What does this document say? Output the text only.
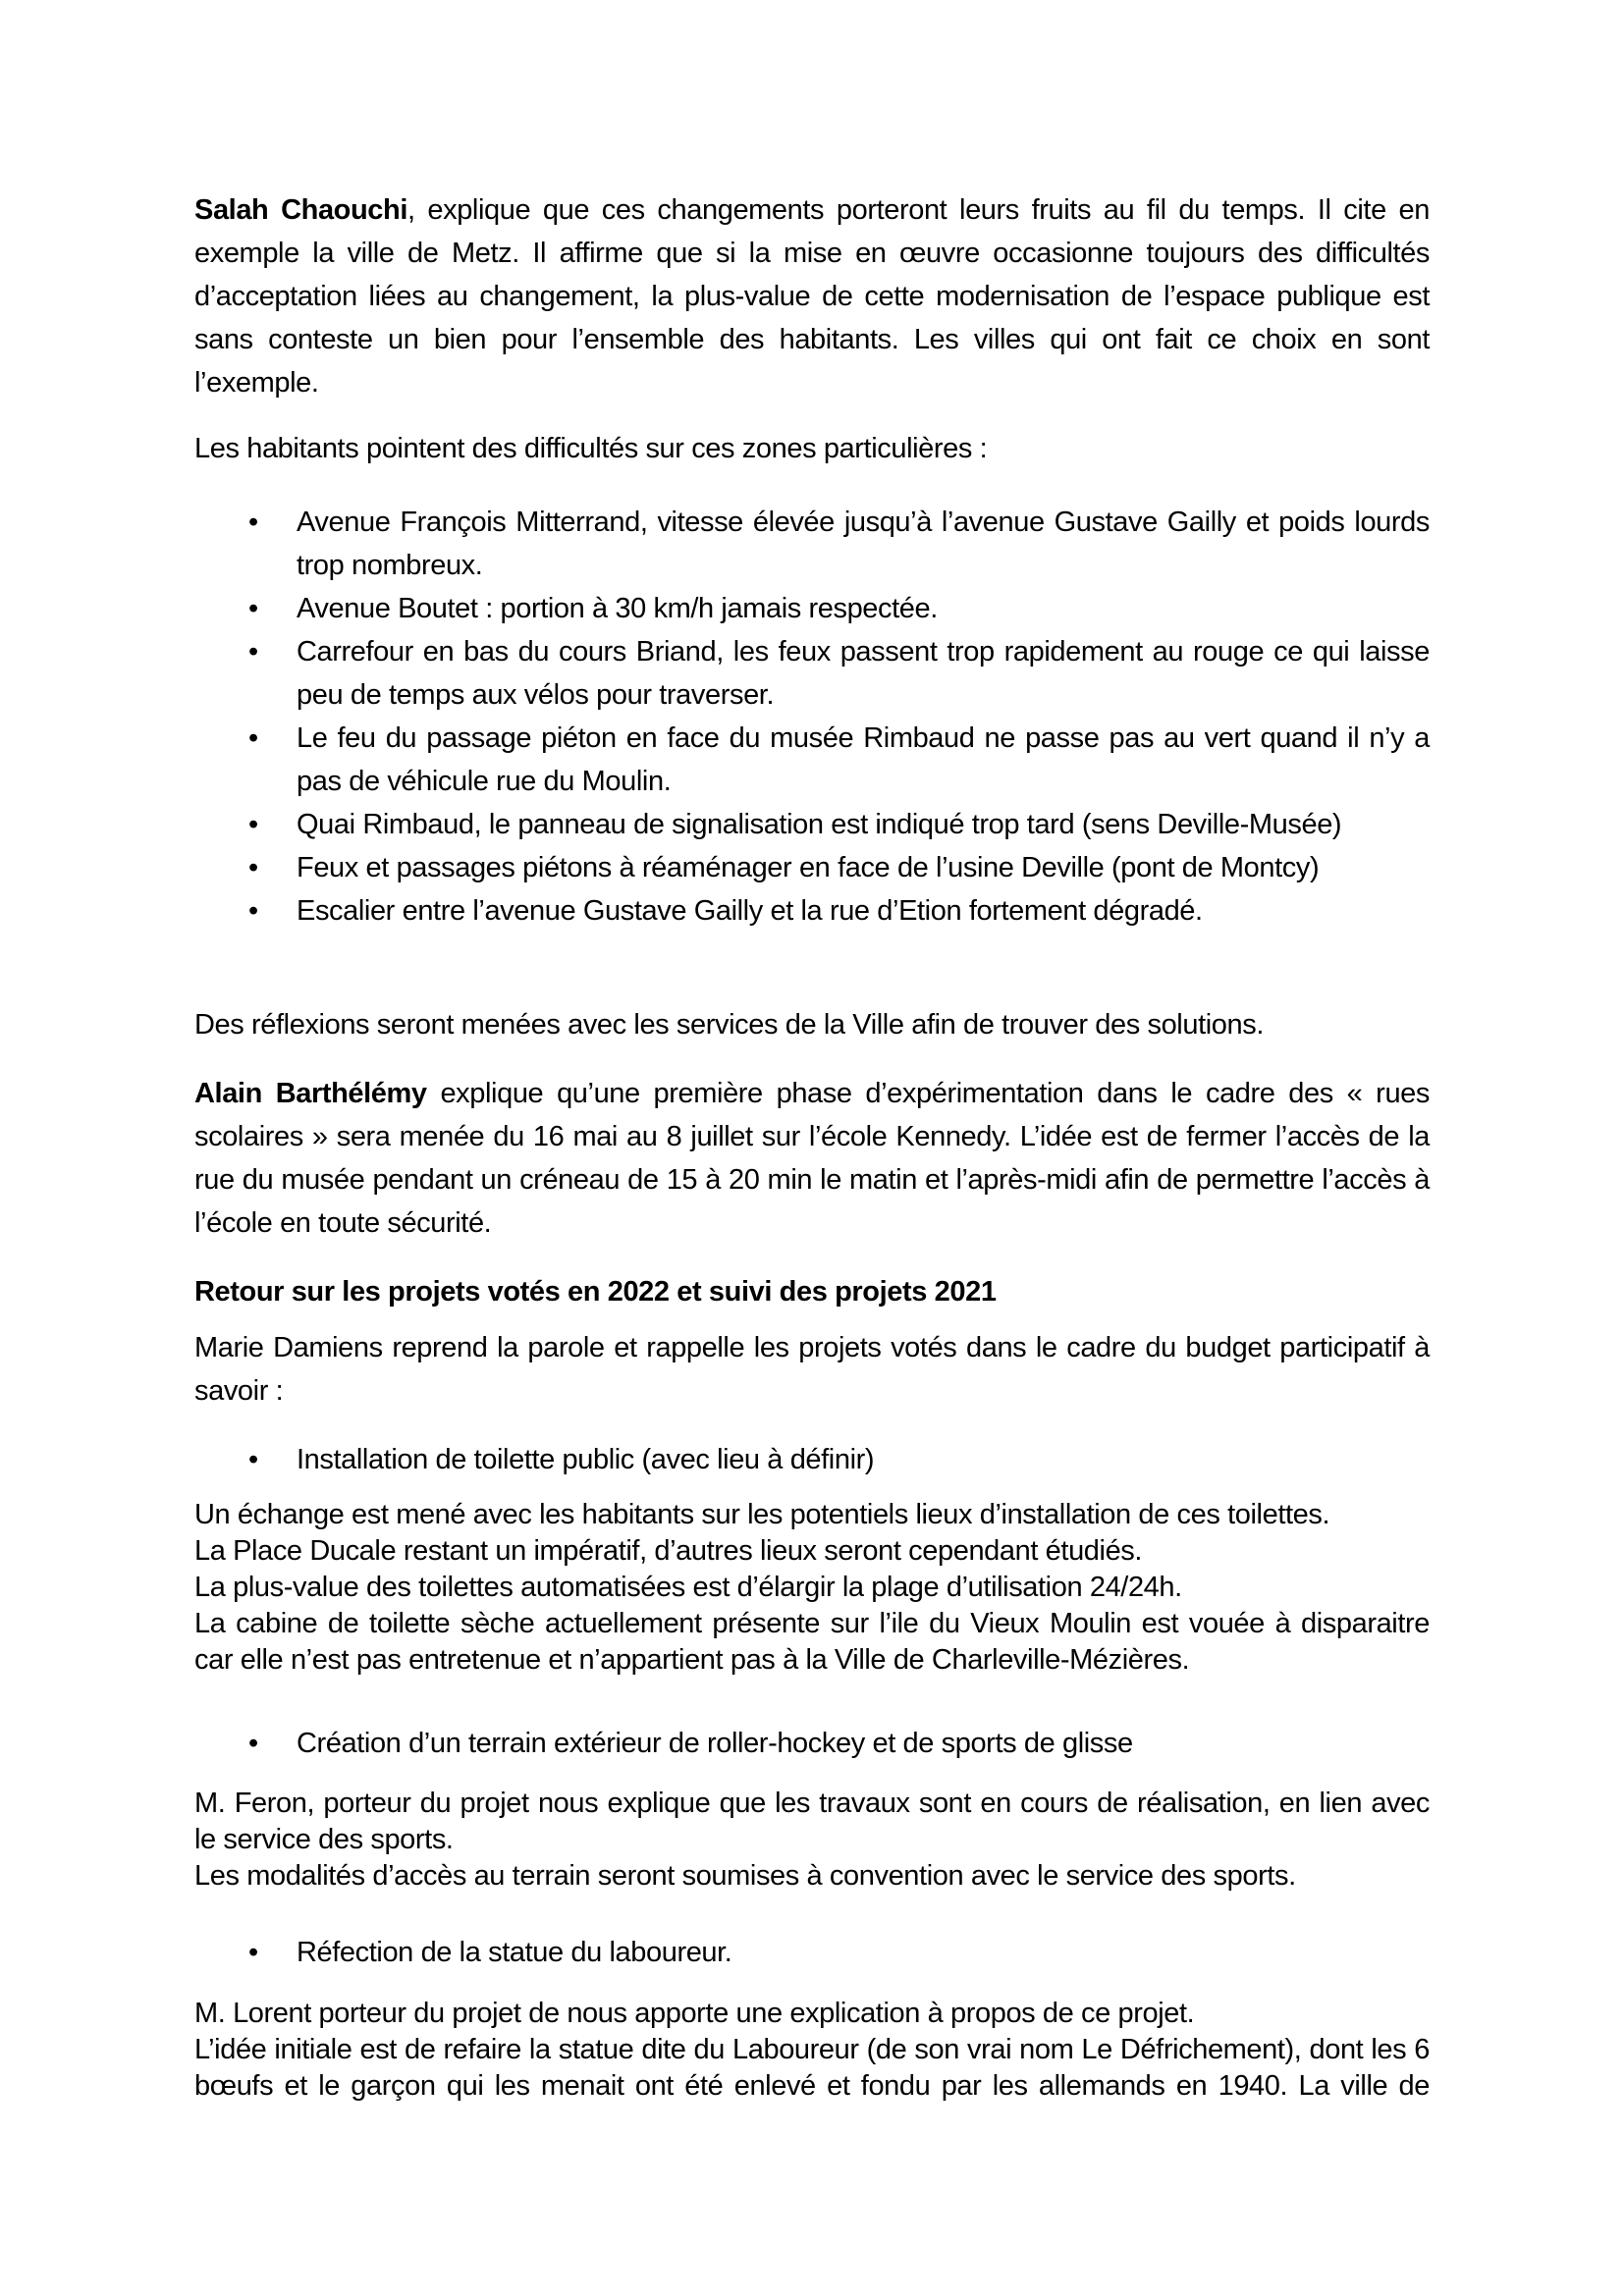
Salah Chaouchi, explique que ces changements porteront leurs fruits au fil du temps. Il cite en exemple la ville de Metz. Il affirme que si la mise en œuvre occasionne toujours des difficultés d’acceptation liées au changement, la plus-value de cette modernisation de l’espace publique est sans conteste un bien pour l’ensemble des habitants. Les villes qui ont fait ce choix en sont l’exemple.

Les habitants pointent des difficultés sur ces zones particulières :

• Avenue François Mitterrand, vitesse élevée jusqu’à l’avenue Gustave Gailly et poids lourds trop nombreux.
• Avenue Boutet : portion à 30 km/h jamais respectée.
• Carrefour en bas du cours Briand, les feux passent trop rapidement au rouge ce qui laisse peu de temps aux vélos pour traverser.
• Le feu du passage piéton en face du musée Rimbaud ne passe pas au vert quand il n’y a pas de véhicule rue du Moulin.
• Quai Rimbaud, le panneau de signalisation est indiqué trop tard (sens Deville-Musée)
• Feux et passages piétons à réaménager en face de l’usine Deville (pont de Montcy)
• Escalier entre l’avenue Gustave Gailly et la rue d’Etion fortement dégradé.

Des réflexions seront menées avec les services de la Ville afin de trouver des solutions.

Alain Barthélémy explique qu’une première phase d’expérimentation dans le cadre des « rues scolaires » sera menée du 16 mai au 8 juillet sur l’école Kennedy. L’idée est de fermer l’accès de la rue du musée pendant un créneau de 15 à 20 min le matin et l’après-midi afin de permettre l’accès à l’école en toute sécurité.

Retour sur les projets votés en 2022 et suivi des projets 2021

Marie Damiens reprend la parole et rappelle les projets votés dans le cadre du budget participatif à savoir :

• Installation de toilette public (avec lieu à définir)

Un échange est mené avec les habitants sur les potentiels lieux d’installation de ces toilettes.

La Place Ducale restant un impératif, d’autres lieux seront cependant étudiés.

La plus-value des toilettes automatisées est d’élargir la plage d’utilisation 24/24h.

La cabine de toilette sèche actuellement présente sur l’ile du Vieux Moulin est vouée à disparaitre car elle n’est pas entretenue et n’appartient pas à la Ville de Charleville-Mézières.

• Création d’un terrain extérieur de roller-hockey et de sports de glisse

M. Feron, porteur du projet nous explique que les travaux sont en cours de réalisation, en lien avec le service des sports.

Les modalités d’accès au terrain seront soumises à convention avec le service des sports.

• Réfection de la statue du laboureur.

M. Lorent porteur du projet de nous apporte une explication à propos de ce projet.

L’idée initiale est de refaire la statue dite du Laboureur (de son vrai nom Le Défrichement), dont les 6 bœufs et le garçon qui les menait ont été enlevé et fondu par les allemands en 1940. La ville de
